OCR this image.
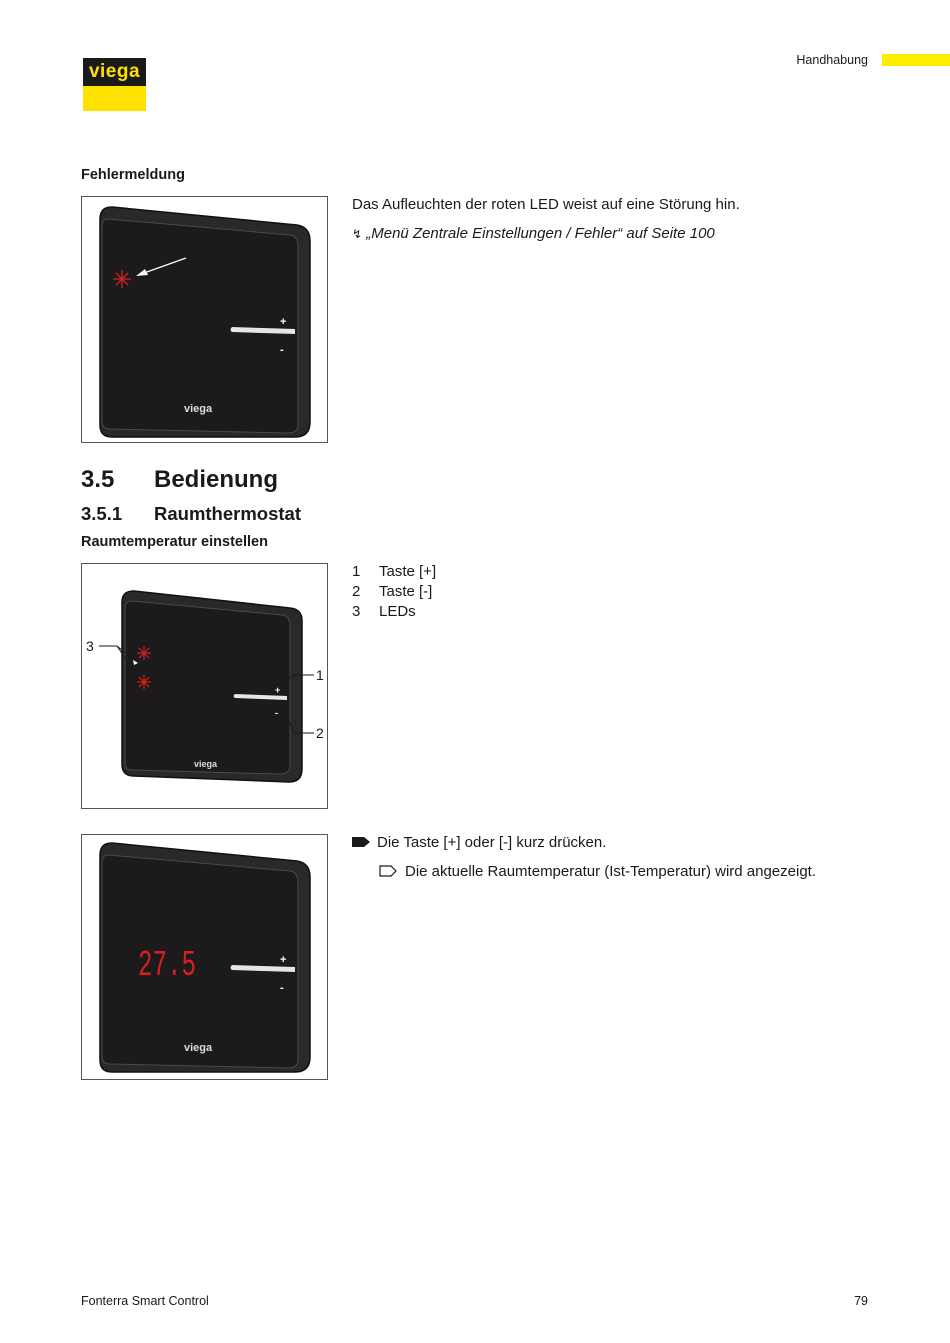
viega
Handhabung
Fehlermeldung
+
-
viega
Das Aufleuchten der roten LED weist auf eine Störung hin.
↯ „Menü Zentrale Einstellungen / Fehler“ auf Seite 100
3.5 Bedienung
3.5.1 Raumthermostat
Raumtemperatur einstellen
+
-
viega
3
1
2
1 Taste [+]
2 Taste [-]
3 LEDs
+
-
viega
27.5
Die Taste [+] oder [-] kurz drücken.
Die aktuelle Raumtemperatur (Ist-Temperatur) wird angezeigt.
Fonterra Smart Control	79
